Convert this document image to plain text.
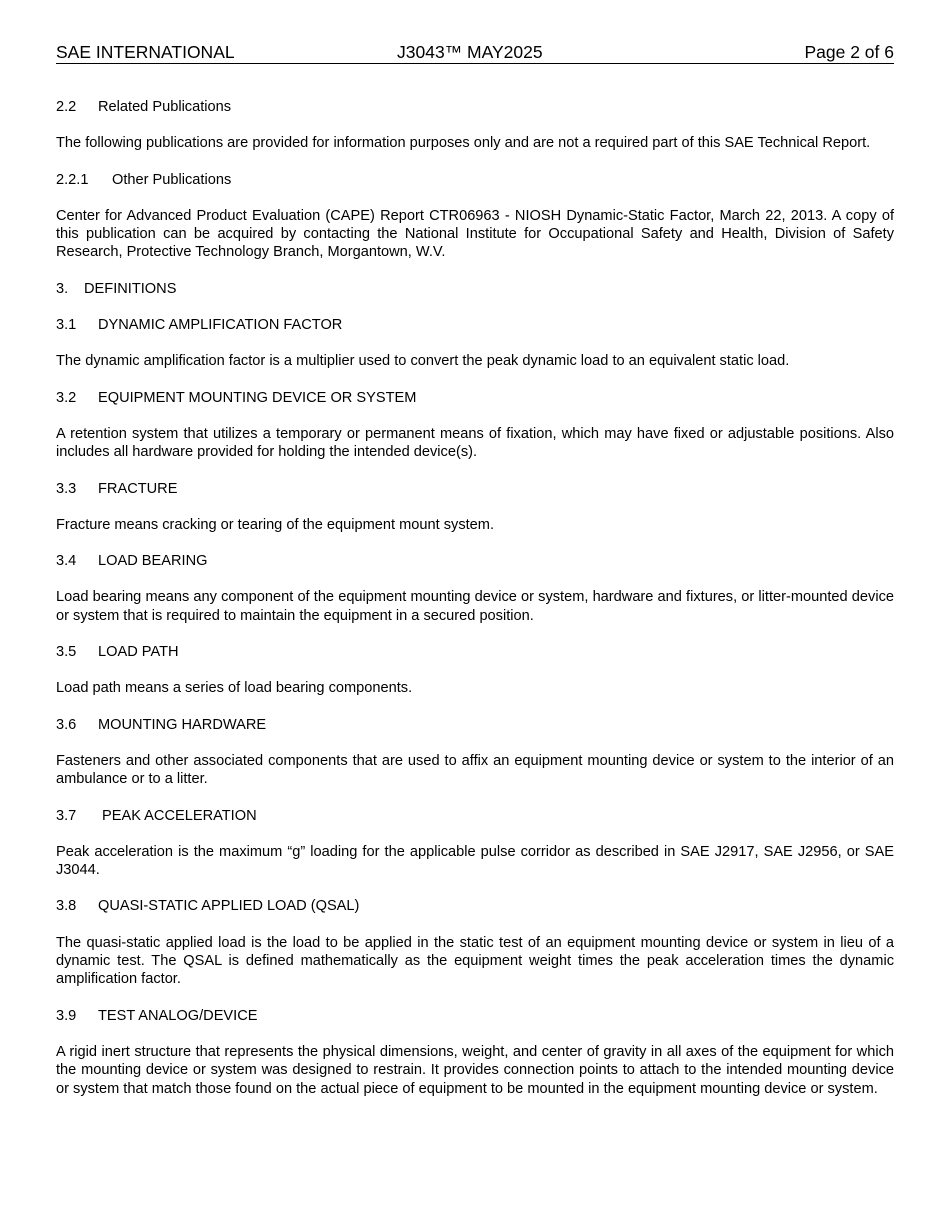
SAE INTERNATIONAL	J3043™ MAY2025	Page 2 of 6

2.2 Related Publications

The following publications are provided for information purposes only and are not a required part of this SAE Technical Report.

2.2.1 Other Publications

Center for Advanced Product Evaluation (CAPE) Report CTR06963 - NIOSH Dynamic-Static Factor, March 22, 2013. A copy of this publication can be acquired by contacting the National Institute for Occupational Safety and Health, Division of Safety Research, Protective Technology Branch, Morgantown, W.V.

3. DEFINITIONS

3.1 DYNAMIC AMPLIFICATION FACTOR

The dynamic amplification factor is a multiplier used to convert the peak dynamic load to an equivalent static load.

3.2 EQUIPMENT MOUNTING DEVICE OR SYSTEM

A retention system that utilizes a temporary or permanent means of fixation, which may have fixed or adjustable positions. Also includes all hardware provided for holding the intended device(s).

3.3 FRACTURE

Fracture means cracking or tearing of the equipment mount system.

3.4 LOAD BEARING

Load bearing means any component of the equipment mounting device or system, hardware and fixtures, or litter-mounted device or system that is required to maintain the equipment in a secured position.

3.5 LOAD PATH

Load path means a series of load bearing components.

3.6 MOUNTING HARDWARE

Fasteners and other associated components that are used to affix an equipment mounting device or system to the interior of an ambulance or to a litter.

3.7 PEAK ACCELERATION

Peak acceleration is the maximum “g” loading for the applicable pulse corridor as described in SAE J2917, SAE J2956, or SAE J3044.

3.8 QUASI-STATIC APPLIED LOAD (QSAL)

The quasi-static applied load is the load to be applied in the static test of an equipment mounting device or system in lieu of a dynamic test. The QSAL is defined mathematically as the equipment weight times the peak acceleration times the dynamic amplification factor.

3.9 TEST ANALOG/DEVICE

A rigid inert structure that represents the physical dimensions, weight, and center of gravity in all axes of the equipment for which the mounting device or system was designed to restrain. It provides connection points to attach to the intended mounting device or system that match those found on the actual piece of equipment to be mounted in the equipment mounting device or system.
